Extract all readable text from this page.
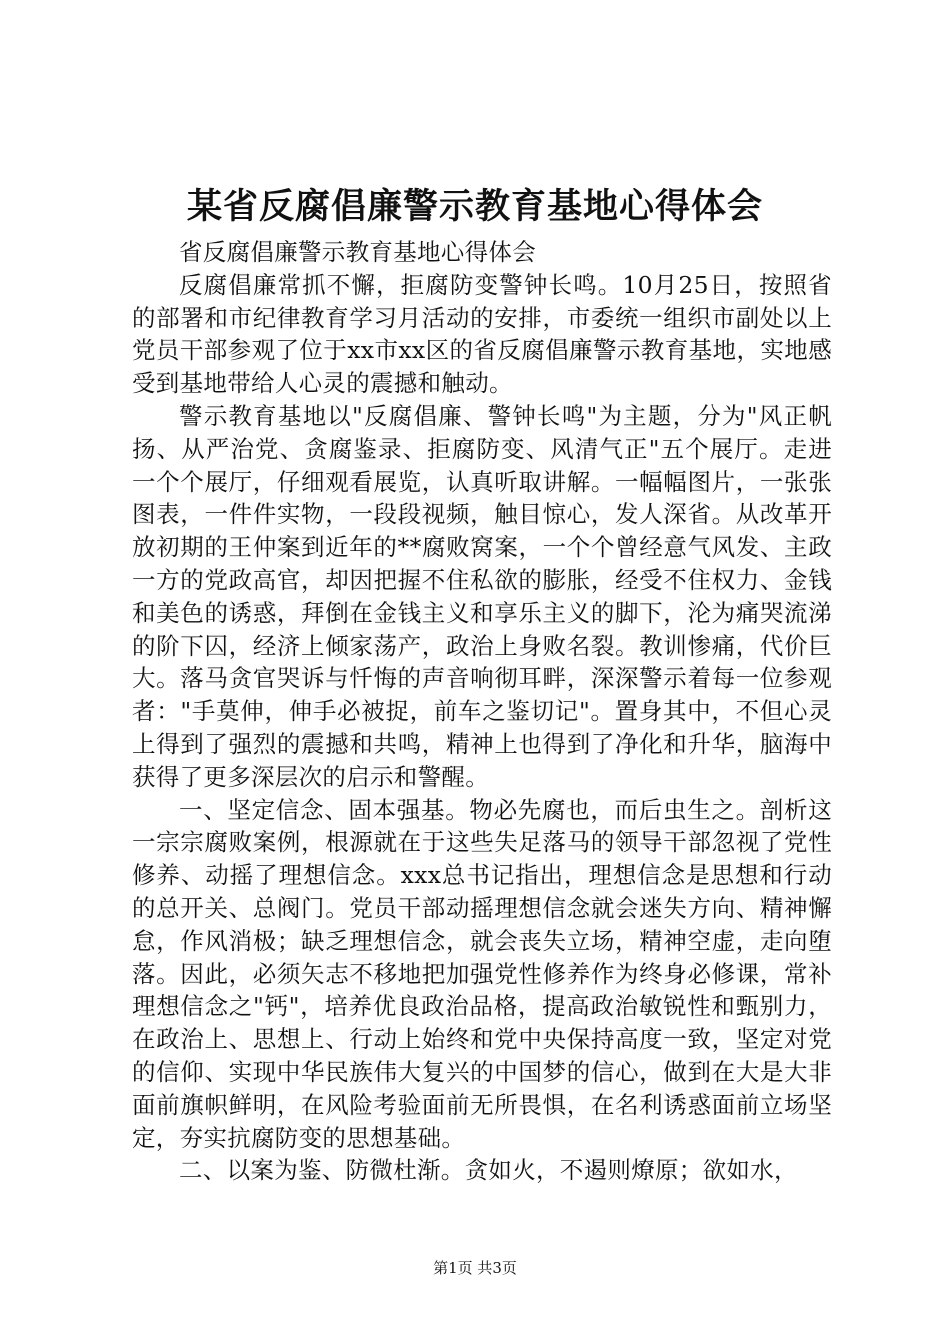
某省反腐倡廉警示教育基地心得体会

省反腐倡廉警示教育基地心得体会

反腐倡廉常抓不懈，拒腐防变警钟长鸣。10月25日，按照省的部署和市纪律教育学习月活动的安排，市委统一组织市副处以上党员干部参观了位于xx市xx区的省反腐倡廉警示教育基地，实地感受到基地带给人心灵的震撼和触动。

警示教育基地以"反腐倡廉、警钟长鸣"为主题，分为"风正帆扬、从严治党、贪腐鉴录、拒腐防变、风清气正"五个展厅。走进一个个展厅，仔细观看展览，认真听取讲解。一幅幅图片，一张张图表，一件件实物，一段段视频，触目惊心，发人深省。从改革开放初期的王仲案到近年的**腐败窝案，一个个曾经意气风发、主政一方的党政高官，却因把握不住私欲的膨胀，经受不住权力、金钱和美色的诱惑，拜倒在金钱主义和享乐主义的脚下，沦为痛哭流涕的阶下囚，经济上倾家荡产，政治上身败名裂。教训惨痛，代价巨大。落马贪官哭诉与忏悔的声音响彻耳畔，深深警示着每一位参观者："手莫伸，伸手必被捉，前车之鉴切记"。置身其中，不但心灵上得到了强烈的震撼和共鸣，精神上也得到了净化和升华，脑海中获得了更多深层次的启示和警醒。

一、坚定信念、固本强基。物必先腐也，而后虫生之。剖析这一宗宗腐败案例，根源就在于这些失足落马的领导干部忽视了党性修养、动摇了理想信念。xxx总书记指出，理想信念是思想和行动的总开关、总阀门。党员干部动摇理想信念就会迷失方向、精神懈怠，作风消极；缺乏理想信念，就会丧失立场，精神空虚，走向堕落。因此，必须矢志不移地把加强党性修养作为终身必修课，常补理想信念之"钙"，培养优良政治品格，提高政治敏锐性和甄别力，在政治上、思想上、行动上始终和党中央保持高度一致，坚定对党的信仰、实现中华民族伟大复兴的中国梦的信心，做到在大是大非面前旗帜鲜明，在风险考验面前无所畏惧，在名利诱惑面前立场坚定，夯实抗腐防变的思想基础。

二、以案为鉴、防微杜渐。贪如火，不遏则燎原；欲如水，

第1页 共3页
